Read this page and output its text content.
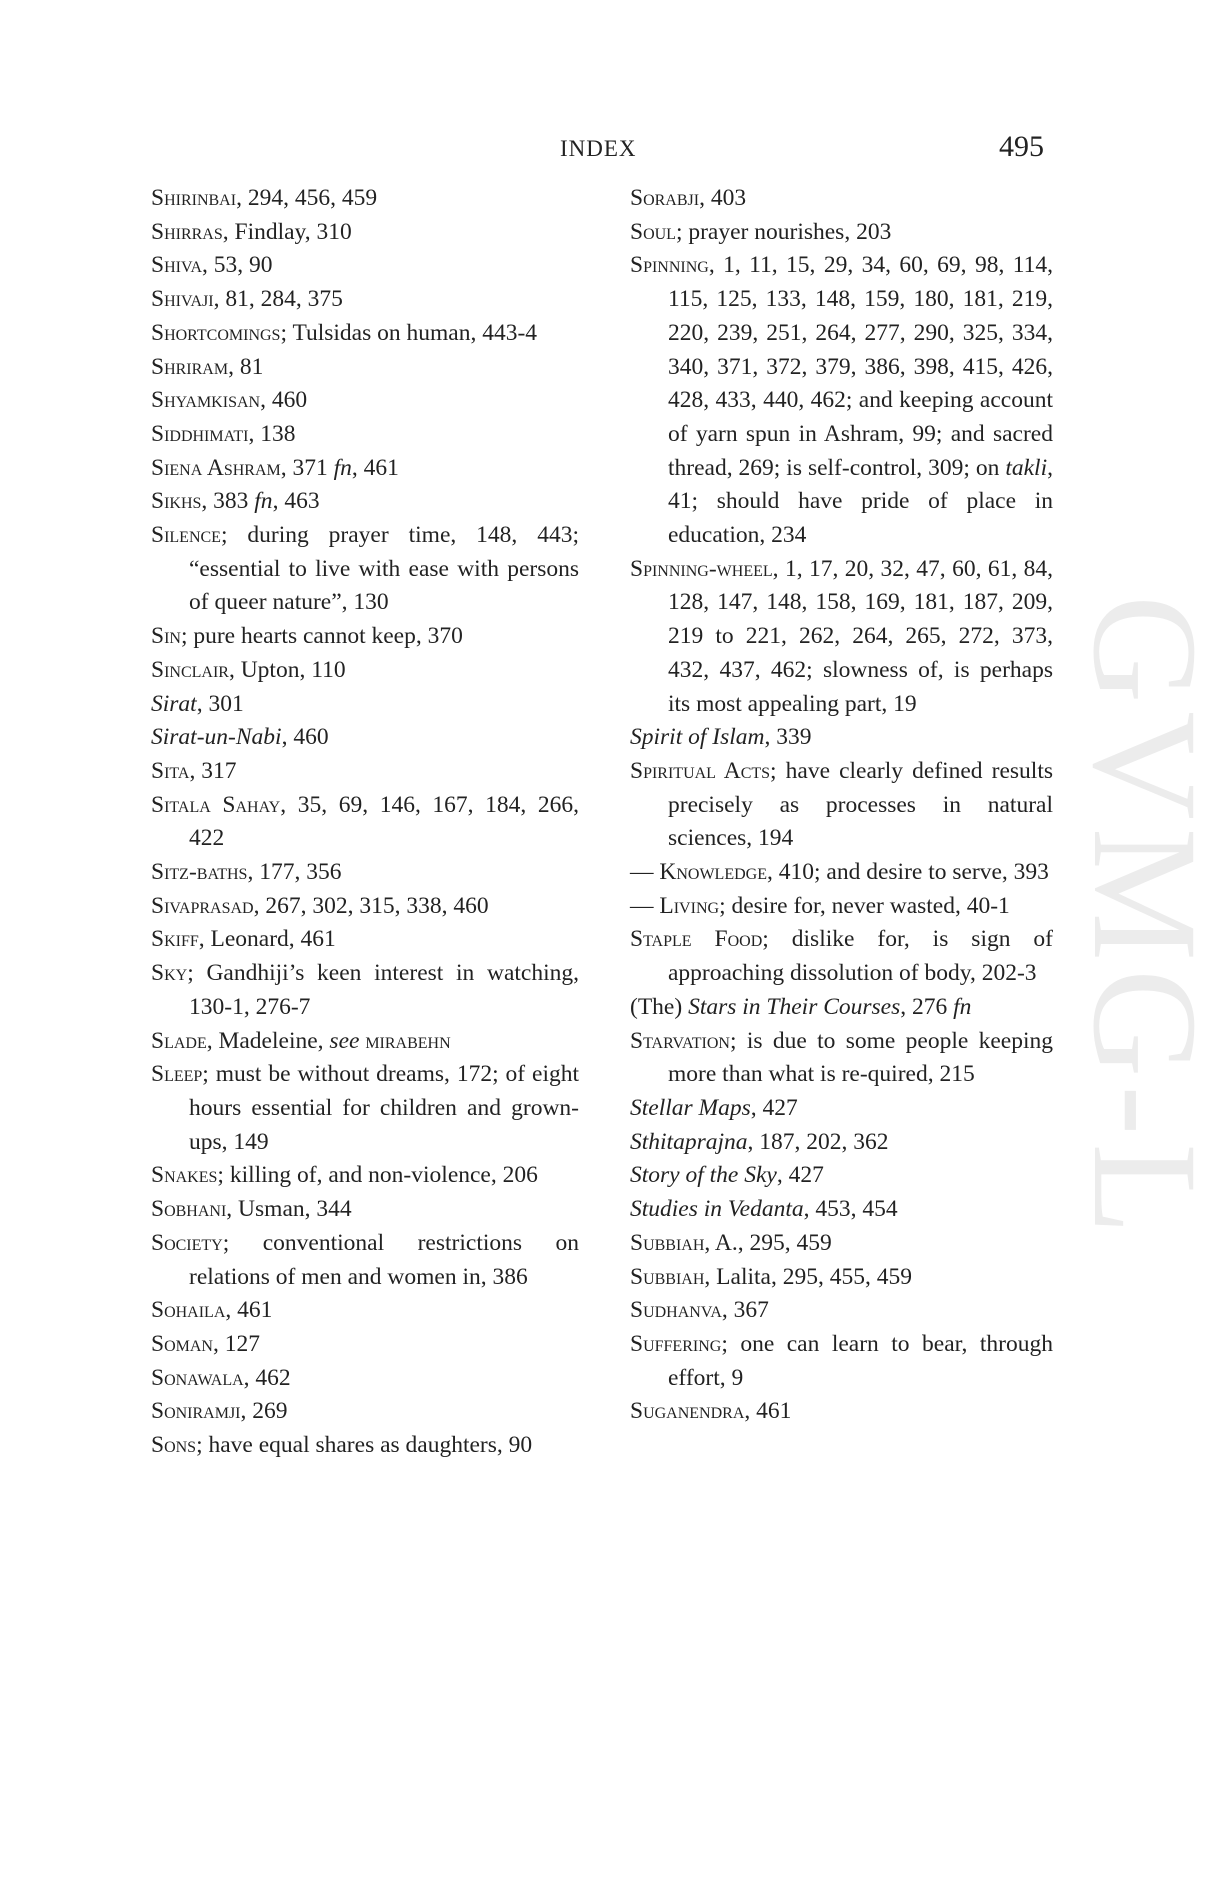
INDEX	495
GVMG-L

Shirinbai, 294, 456, 459

Shirras, Findlay, 310

Shiva, 53, 90

Shivaji, 81, 284, 375

Shortcomings; Tulsidas on human, 443-4

Shriram, 81

Shyamkisan, 460

Siddhimati, 138

Siena Ashram, 371 fn, 461

Sikhs, 383 fn, 463

Silence; during prayer time, 148, 443; “essential to live with ease with persons of queer nature”, 130

Sin; pure hearts cannot keep, 370

Sinclair, Upton, 110

Sirat, 301

Sirat-un-Nabi, 460

Sita, 317

Sitala Sahay, 35, 69, 146, 167, 184, 266, 422

Sitz-baths, 177, 356

Sivaprasad, 267, 302, 315, 338, 460

Skiff, Leonard, 461

Sky; Gandhiji’s keen interest in watching, 130-1, 276-7

Slade, Madeleine, see mirabehn

Sleep; must be without dreams, 172; of eight hours essential for children and grown-ups, 149

Snakes; killing of, and non-violence, 206

Sobhani, Usman, 344

Society; conventional restrictions on relations of men and women in, 386

Sohaila, 461

Soman, 127

Sonawala, 462

Soniramji, 269

Sons; have equal shares as daughters, 90

Sorabji, 403

Soul; prayer nourishes, 203

Spinning, 1, 11, 15, 29, 34, 60, 69, 98, 114, 115, 125, 133, 148, 159, 180, 181, 219, 220, 239, 251, 264, 277, 290, 325, 334, 340, 371, 372, 379, 386, 398, 415, 426, 428, 433, 440, 462; and keeping account of yarn spun in Ashram, 99; and sacred thread, 269; is self-control, 309; on takli, 41; should have pride of place in education, 234

Spinning-wheel, 1, 17, 20, 32, 47, 60, 61, 84, 128, 147, 148, 158, 169, 181, 187, 209, 219 to 221, 262, 264, 265, 272, 373, 432, 437, 462; slowness of, is perhaps its most appealing part, 19

Spirit of Islam, 339

Spiritual Acts; have clearly defined results precisely as processes in natural sciences, 194

— Knowledge, 410; and desire to serve, 393

— Living; desire for, never wasted, 40-1

Staple Food; dislike for, is sign of approaching dissolution of body, 202-3

(The) Stars in Their Courses, 276 fn

Starvation; is due to some people keeping more than what is re-quired, 215

Stellar Maps, 427

Sthitaprajna, 187, 202, 362

Story of the Sky, 427

Studies in Vedanta, 453, 454

Subbiah, A., 295, 459

Subbiah, Lalita, 295, 455, 459

Sudhanva, 367

Suffering; one can learn to bear, through effort, 9

Suganendra, 461
